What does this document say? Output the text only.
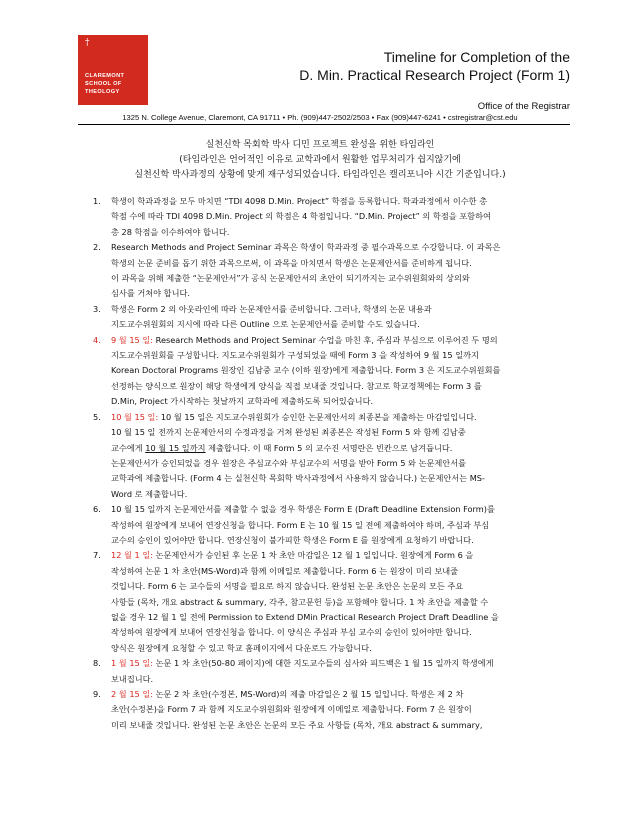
†
CLAREMONT
SCHOOL OF
THEOLOGY
Timeline for Completion of the
D. Min. Practical Research Project (Form 1)
Office of the Registrar
1325 N. College Avenue, Claremont, CA 91711 • Ph. (909)447-2502/2503 • Fax (909)447-6241 • cstregistrar@cst.edu
실천신학 목회학 박사 디민 프로젝트 완성을 위한 타임라인
(타임라인은 언어적인 이유로 교학과에서 원활한 업무처리가 쉽지않기에
실천신학 박사과정의 상황에 맞게 재구성되었습니다. 타임라인은 캘리포니아 시간 기준입니다.)
1. 학생이 학과과정을 모두 마치면 “TDI 4098 D.Min. Project” 학점을 등록합니다. 학과과정에서 이수한 총
학점 수에 따라 TDI 4098 D.Min. Project 의 학점은 4 학점입니다. “D.Min. Project” 의 학점을 포함하여
총 28 학점을 이수하여야 합니다.
2. Research Methods and Project Seminar 과목은 학생이 학과과정 중 필수과목으로 수강합니다. 이 과목은
학생의 논문 준비를 돕기 위한 과목으로써, 이 과목을 마치면서 학생은 논문제안서를 준비하게 됩니다.
이 과목을 위해 제출한 “논문제안서”가 공식 논문제안서의 초안이 되기까지는 교수위원회와의 상의와
심사를 거쳐야 합니다.
3. 학생은 Form 2 의 아웃라인에 따라 논문제안서를 준비합니다. 그러나, 학생의 논문 내용과
지도교수위원회의 지시에 따라 다른 Outline 으로 논문제안서를 준비할 수도 있습니다.
4. 9 월 15 일: Research Methods and Project Seminar 수업을 마친 후, 주심과 부심으로 이루어진 두 명의
지도교수위원회를 구성합니다. 지도교수위원회가 구성되었을 때에 Form 3 을 작성하여 9 월 15 일까지
Korean Doctoral Programs 원장인 김남중 교수 (이하 원장)에게 제출합니다. Form 3 은 지도교수위원회를
선정하는 양식으로 원장이 해당 학생에게 양식을 직접 보내줄 것입니다. 참고로 학교정책에는 Form 3 를
D.Min, Project 가시작하는 첫날까지 교학과에 제출하도록 되어있습니다.
5. 10 월 15 일: 10 월 15 일은 지도교수위원회가 승인한 논문제안서의 최종본을 제출하는 마감일입니다.
10 월 15 일 전까지 논문제안서의 수정과정을 거쳐 완성된 최종본은 작성된 Form 5 와 함께 김남중
교수에게 10 월 15 일까지 제출합니다. 이 때 Form 5 의 교수진 서명란은 빈칸으로 남겨둡니다.
논문제안서가 승인되었을 경우 원장은 주심교수와 부심교수의 서명을 받아 Form 5 와 논문제안서를
교학과에 제출합니다. (Form 4 는 실천신학 목회학 박사과정에서 사용하지 않습니다.) 논문제안서는 MS-
Word 로 제출합니다.
6. 10 월 15 일까지 논문제안서를 제출할 수 없을 경우 학생은 Form E (Draft Deadline Extension Form)를
작성하여 원장에게 보내어 연장신청을 합니다. Form E 는 10 월 15 일 전에 제출하여야 하며, 주심과 부심
교수의 승인이 있어야만 합니다. 연장신청이 불가피한 학생은 Form E 를 원장에게 요청하기 바랍니다.
7. 12 월 1 일: 논문제안서가 승인된 후 논문 1 차 초안 마감일은 12 월 1 일입니다. 원장에게 Form 6 을
작성하여 논문 1 차 초안(MS-Word)과 함께 이메일로 제출합니다. Form 6 는 원장이 미리 보내줄
것입니다. Form 6 는 교수들의 서명을 필요로 하지 않습니다. 완성된 논문 초안은 논문의 모든 주요
사항들 (목차, 개요 abstract & summary, 각주, 참고문헌 등)을 포함해야 합니다. 1 차 초안을 제출할 수
없을 경우 12 월 1 일 전에 Permission to Extend DMin Practical Research Project Draft Deadline 을
작성하여 원장에게 보내어 연장신청을 합니다. 이 양식은 주심과 부심 교수의 승인이 있어야만 합니다.
양식은 원장에게 요청할 수 있고 학교 홈페이지에서 다운로드 가능합니다.
8. 1 월 15 일: 논문 1 차 초안(50-80 페이지)에 대한 지도교수들의 심사와 피드백은 1 월 15 일까지 학생에게
보내집니다.
9. 2 월 15 일: 논문 2 차 초안(수정본, MS-Word)의 제출 마감일은 2 월 15 일입니다. 학생은 제 2 차
초안(수정본)을 Form 7 과 함께 지도교수위원회와 원장에게 이메일로 제출합니다. Form 7 은 원장이
미리 보내줄 것입니다. 완성된 논문 초안은 논문의 모든 주요 사항들 (목차, 개요 abstract & summary,
